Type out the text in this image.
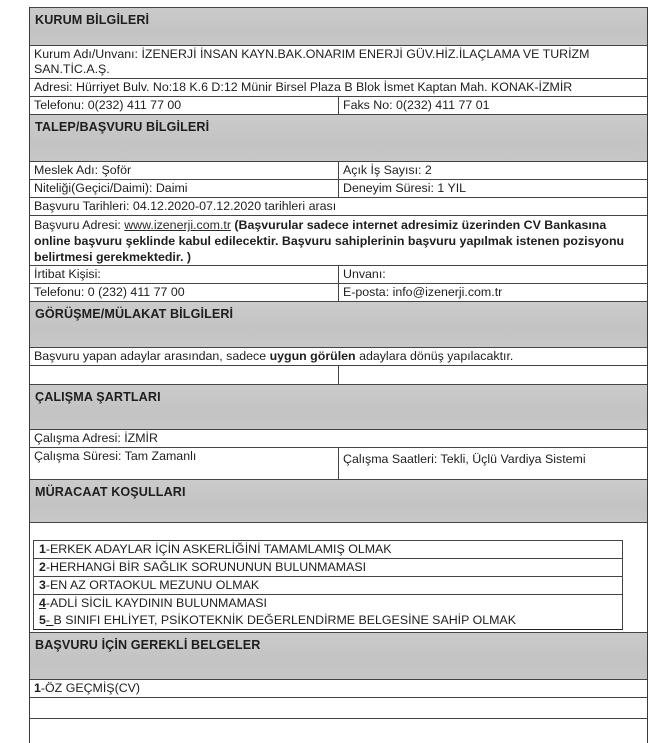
KURUM BİLGİLERİ
Kurum Adı/Unvanı: İZENERJİ İNSAN KAYN.BAK.ONARIM ENERJİ GÜV.HİZ.İLAÇLAMA VE TURİZM SAN.TİC.A.Ş.
Adresi: Hürriyet Bulv. No:18 K.6 D:12 Münir Birsel Plaza B Blok İsmet Kaptan Mah. KONAK-İZMİR
Telefonu: 0(232) 411 77 00	Faks No: 0(232) 411 77 01
TALEP/BAŞVURU BİLGİLERİ
Meslek Adı: Şoför	Açık İş Sayısı: 2
Niteliği(Geçici/Daimi): Daimi	Deneyim Süresi: 1 YIL
Başvuru Tarihleri: 04.12.2020-07.12.2020 tarihleri arası
Başvuru Adresi: www.izenerji.com.tr (Başvurular sadece internet adresimiz üzerinden CV Bankasına online başvuru şeklinde kabul edilecektir. Başvuru sahiplerinin başvuru yapılmak istenen pozisyonu belirtmesi gerekmektedir. )
İrtibat Kişisi:	Unvanı:
Telefonu: 0 (232) 411 77 00	E-posta: info@izenerji.com.tr
GÖRÜŞME/MÜLAKAT BİLGİLERİ
Başvuru yapan adaylar arasından, sadece uygun görülen adaylara dönüş yapılacaktır.
ÇALIŞMA ŞARTLARI
Çalışma Adresi: İZMİR
Çalışma Süresi: Tam Zamanlı	Çalışma Saatleri: Tekli, Üçlü Vardiya Sistemi
MÜRACAAT KOŞULLARI
1-ERKEK ADAYLAR İÇİN ASKERLİĞİNİ TAMAMLAMIŞ OLMAK
2-HERHANGİ BİR SAĞLIK SORUNUNUN BULUNMAMASI
3-EN AZ ORTAOKUL MEZUNU OLMAK
4-ADLİ SİCİL KAYDININ BULUNMAMASI
5- B SINIFI EHLİYET, PSİKOTEKNİK DEĞERLENDİRME BELGESİNE SAHİP OLMAK
BAŞVURU İÇİN GEREKLİ BELGELER
1-ÖZ GEÇMİŞ(CV)
